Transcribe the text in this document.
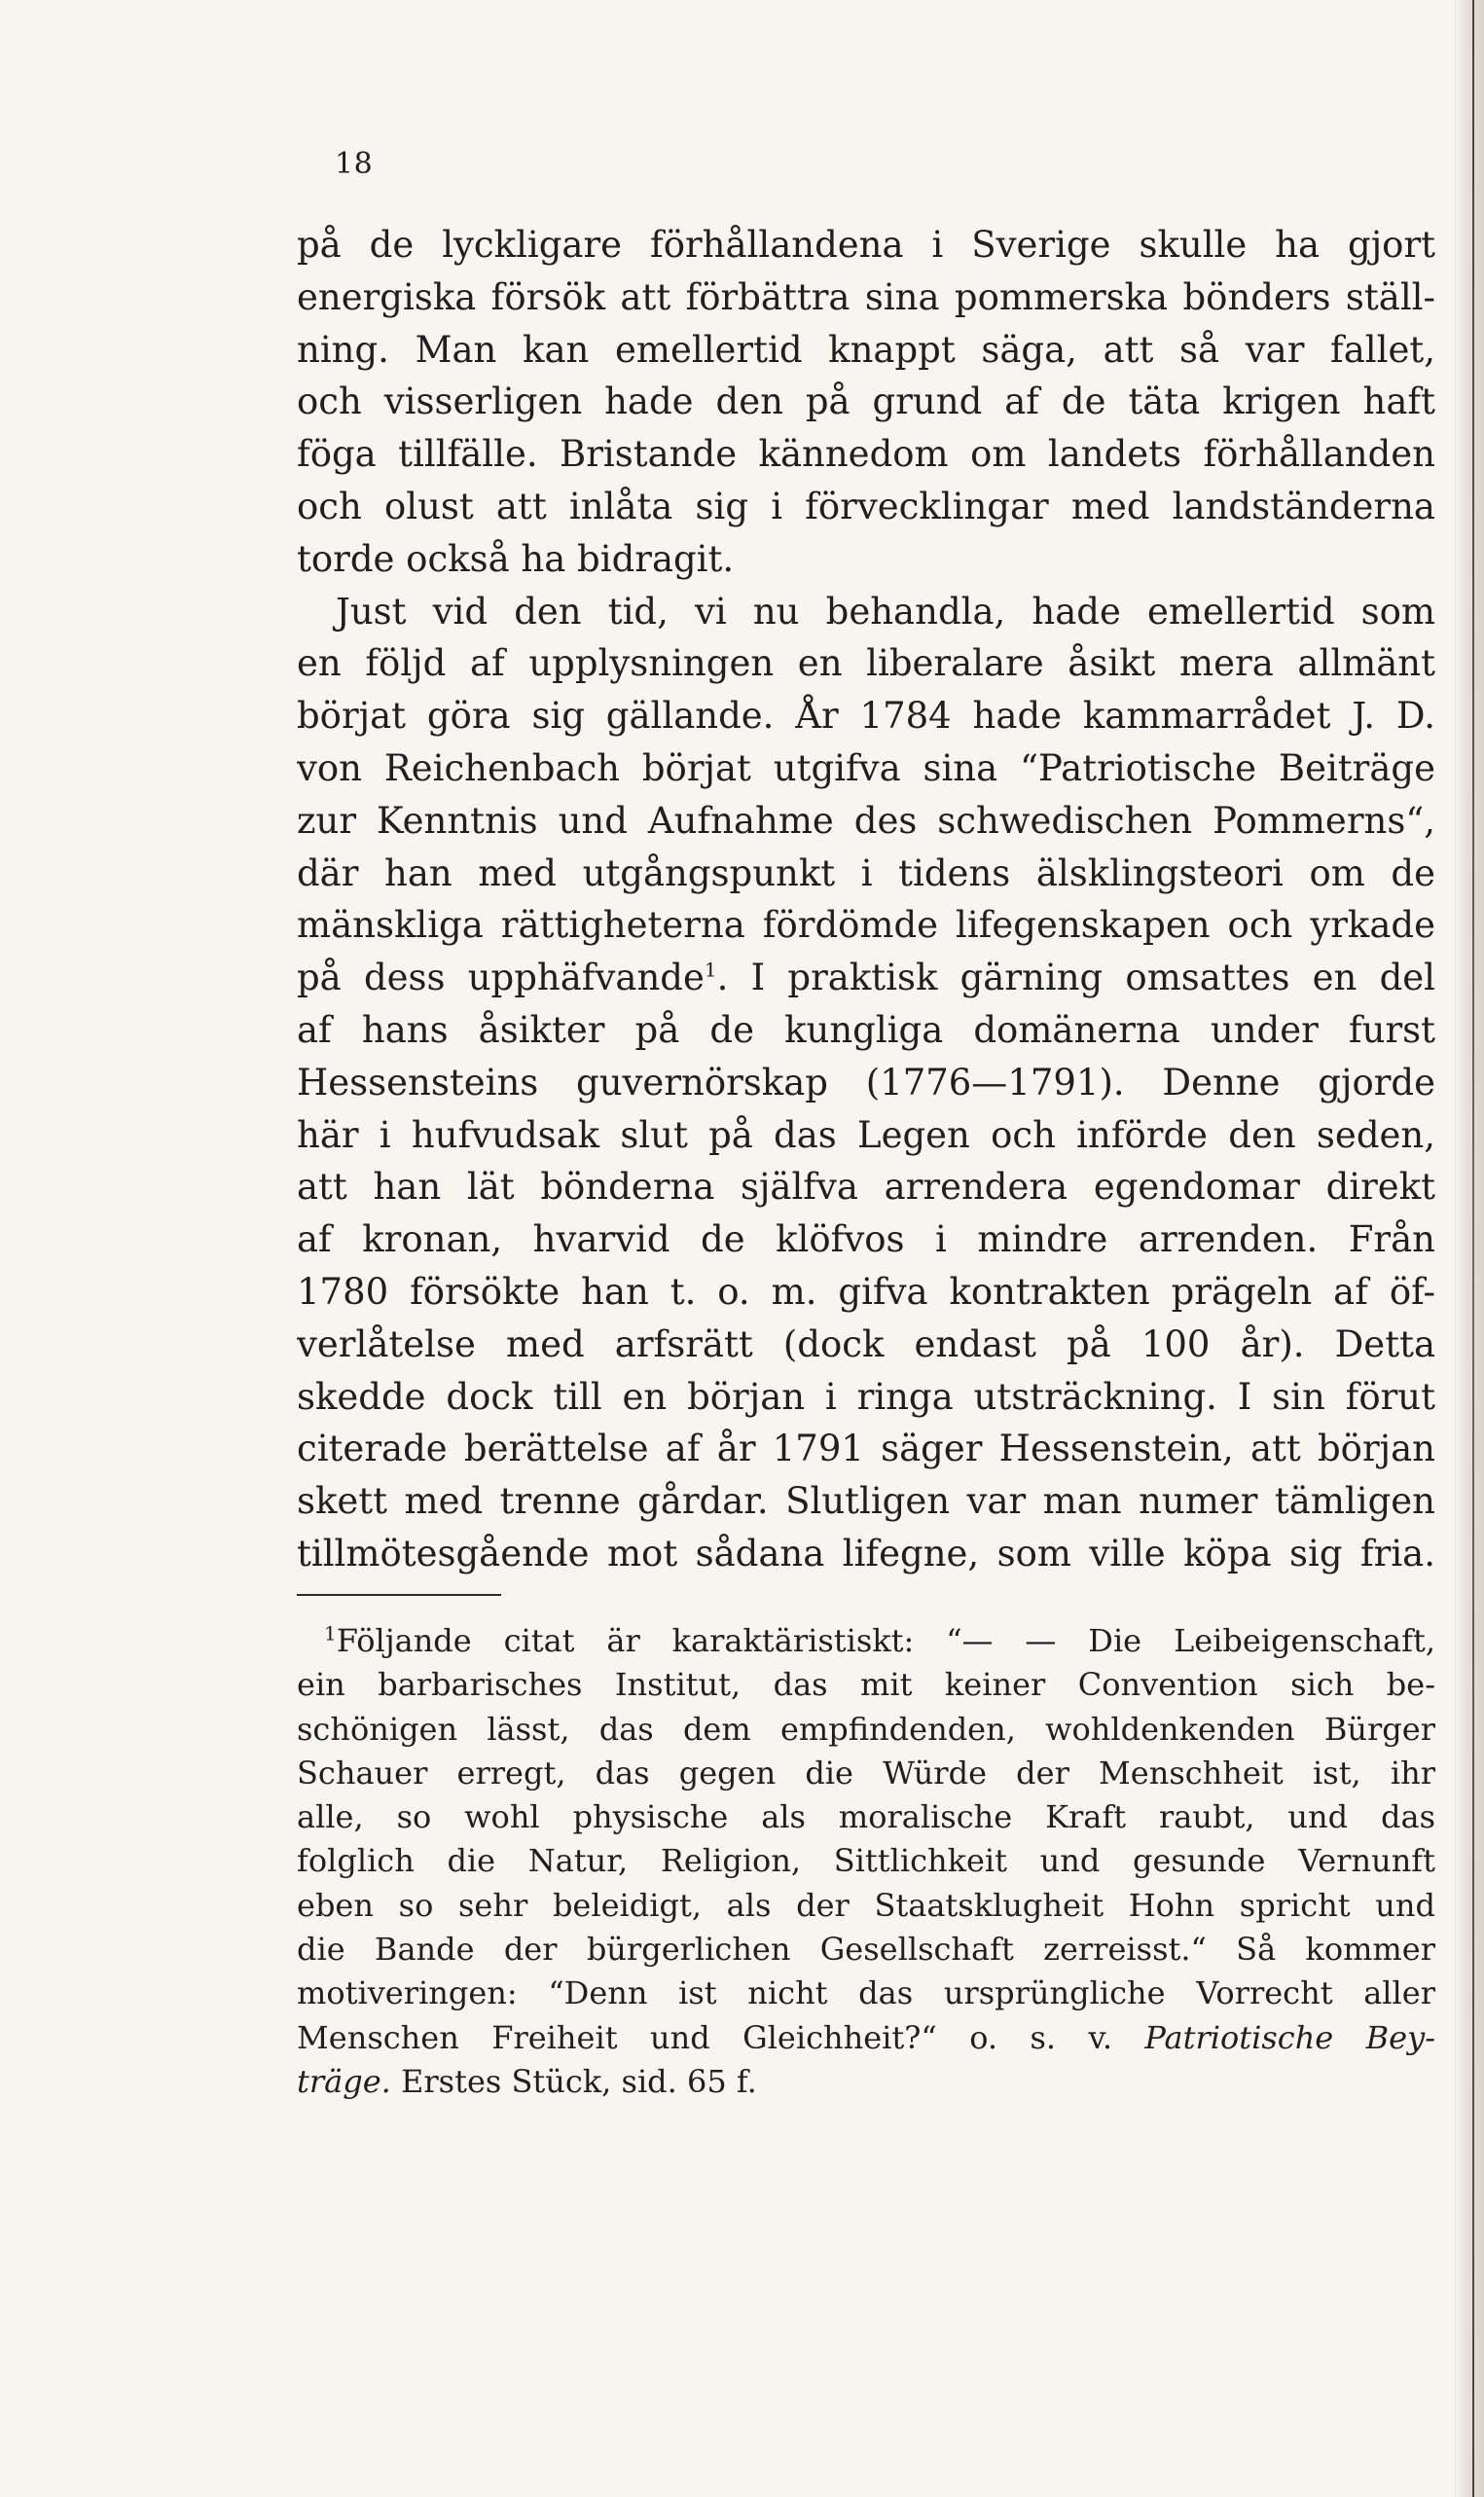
18
på de lyckligare förhållandena i Sverige skulle ha gjort
energiska försök att förbättra sina pommerska bönders ställ-
ning. Man kan emellertid knappt säga, att så var fallet,
och visserligen hade den på grund af de täta krigen haft
föga tillfälle. Bristande kännedom om landets förhållanden
och olust att inlåta sig i förvecklingar med landständerna
torde också ha bidragit.
Just vid den tid, vi nu behandla, hade emellertid som
en följd af upplysningen en liberalare åsikt mera allmänt
börjat göra sig gällande. År 1784 hade kammarrådet J. D.
von Reichenbach börjat utgifva sina “Patriotische Beiträge
zur Kenntnis und Aufnahme des schwedischen Pommerns“,
där han med utgångspunkt i tidens älsklingsteori om de
mänskliga rättigheterna fördömde lifegenskapen och yrkade
på dess upphäfvande$^1$. I praktisk gärning omsattes en del
af hans åsikter på de kungliga domänerna under furst
Hessensteins guvernörskap (1776—1791). Denne gjorde
här i hufvudsak slut på das Legen och införde den seden,
att han lät bönderna själfva arrendera egendomar direkt
af kronan, hvarvid de klöfvos i mindre arrenden. Från
1780 försökte han t. o. m. gifva kontrakten prägeln af öf-
verlåtelse med arfsrätt (dock endast på 100 år). Detta
skedde dock till en början i ringa utsträckning. I sin förut
citerade berättelse af år 1791 säger Hessenstein, att början
skett med trenne gårdar. Slutligen var man numer tämligen
tillmötesgående mot sådana lifegne, som ville köpa sig fria.
$^1$Följande citat är karaktäristiskt: “— — Die Leibeigenschaft,
ein barbarisches Institut, das mit keiner Convention sich be-
schönigen lässt, das dem empfindenden, wohldenkenden Bürger
Schauer erregt, das gegen die Würde der Menschheit ist, ihr
alle, so wohl physische als moralische Kraft raubt, und das
folglich die Natur, Religion, Sittlichkeit und gesunde Vernunft
eben so sehr beleidigt, als der Staatsklugheit Hohn spricht und
die Bande der bürgerlichen Gesellschaft zerreisst.“ Så kommer
motiveringen: “Denn ist nicht das ursprüngliche Vorrecht aller
Menschen Freiheit und Gleichheit?“ o. s. v. Patriotische Bey-
träge. Erstes Stück, sid. 65 f.
